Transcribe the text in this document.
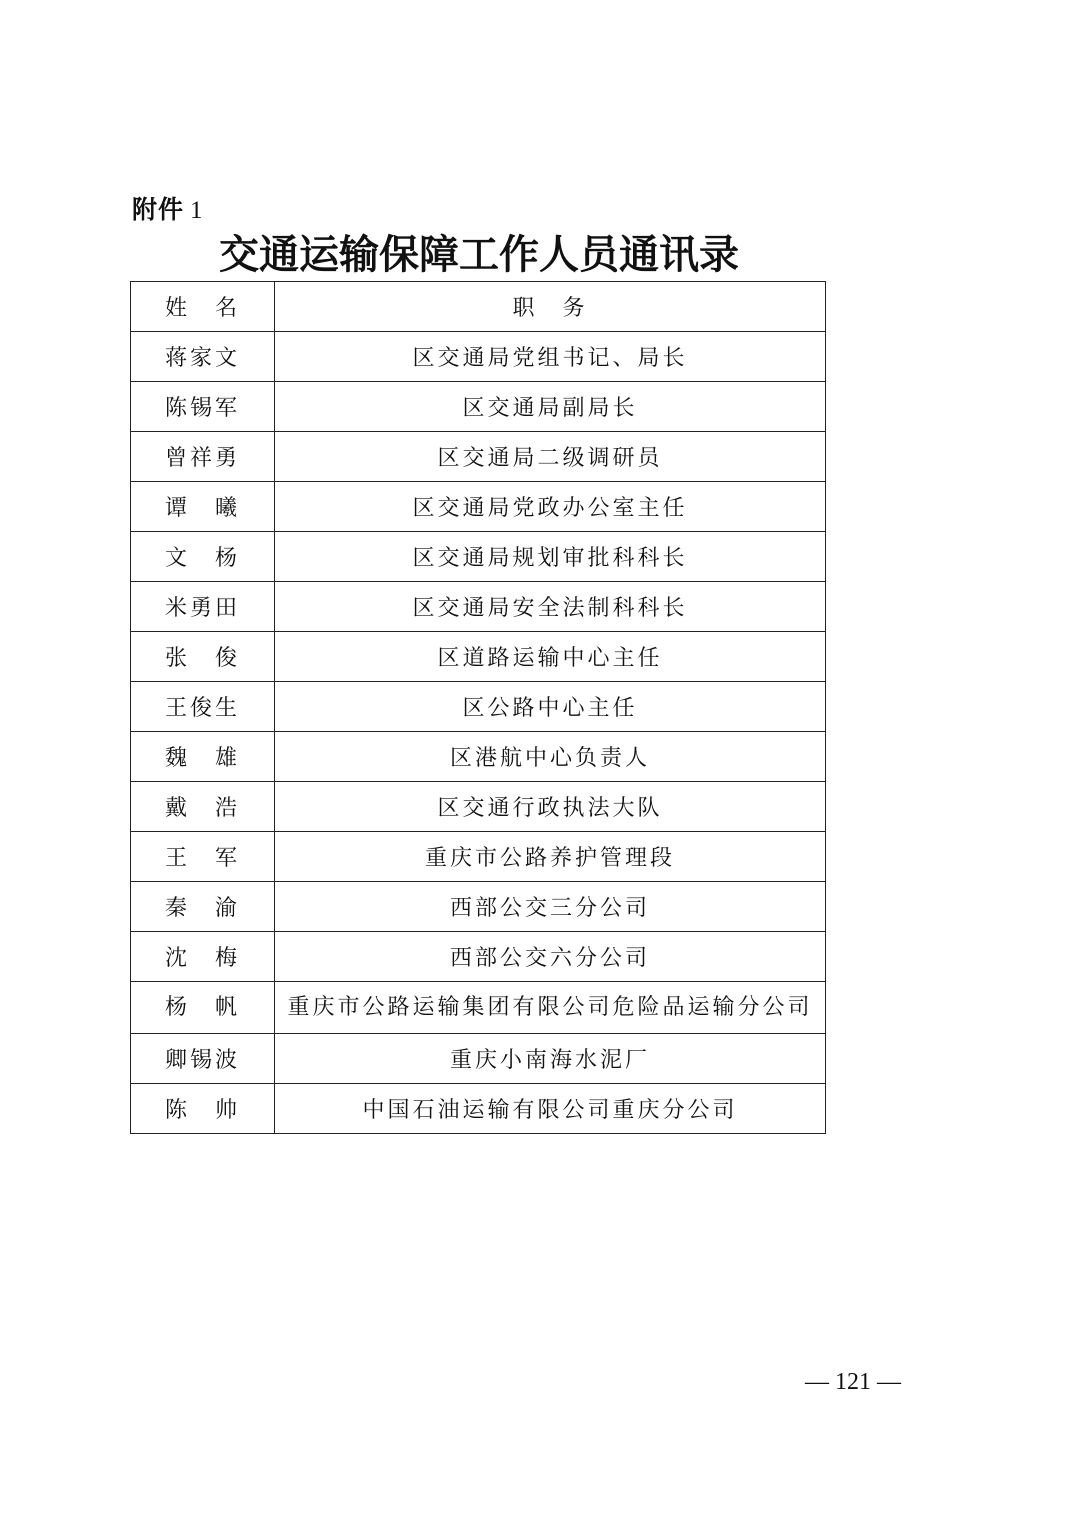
附件 1
交通运输保障工作人员通讯录
姓　名	职　务
蒋家文	区交通局党组书记、局长
陈锡军	区交通局副局长
曾祥勇	区交通局二级调研员
谭　曦	区交通局党政办公室主任
文　杨	区交通局规划审批科科长
米勇田	区交通局安全法制科科长
张　俊	区道路运输中心主任
王俊生	区公路中心主任
魏　雄	区港航中心负责人
戴　浩	区交通行政执法大队
王　军	重庆市公路养护管理段
秦　渝	西部公交三分公司
沈　梅	西部公交六分公司
杨　帆	重庆市公路运输集团有限公司危险品运输分公司
卿锡波	重庆小南海水泥厂
陈　帅	中国石油运输有限公司重庆分公司
— 121 —
